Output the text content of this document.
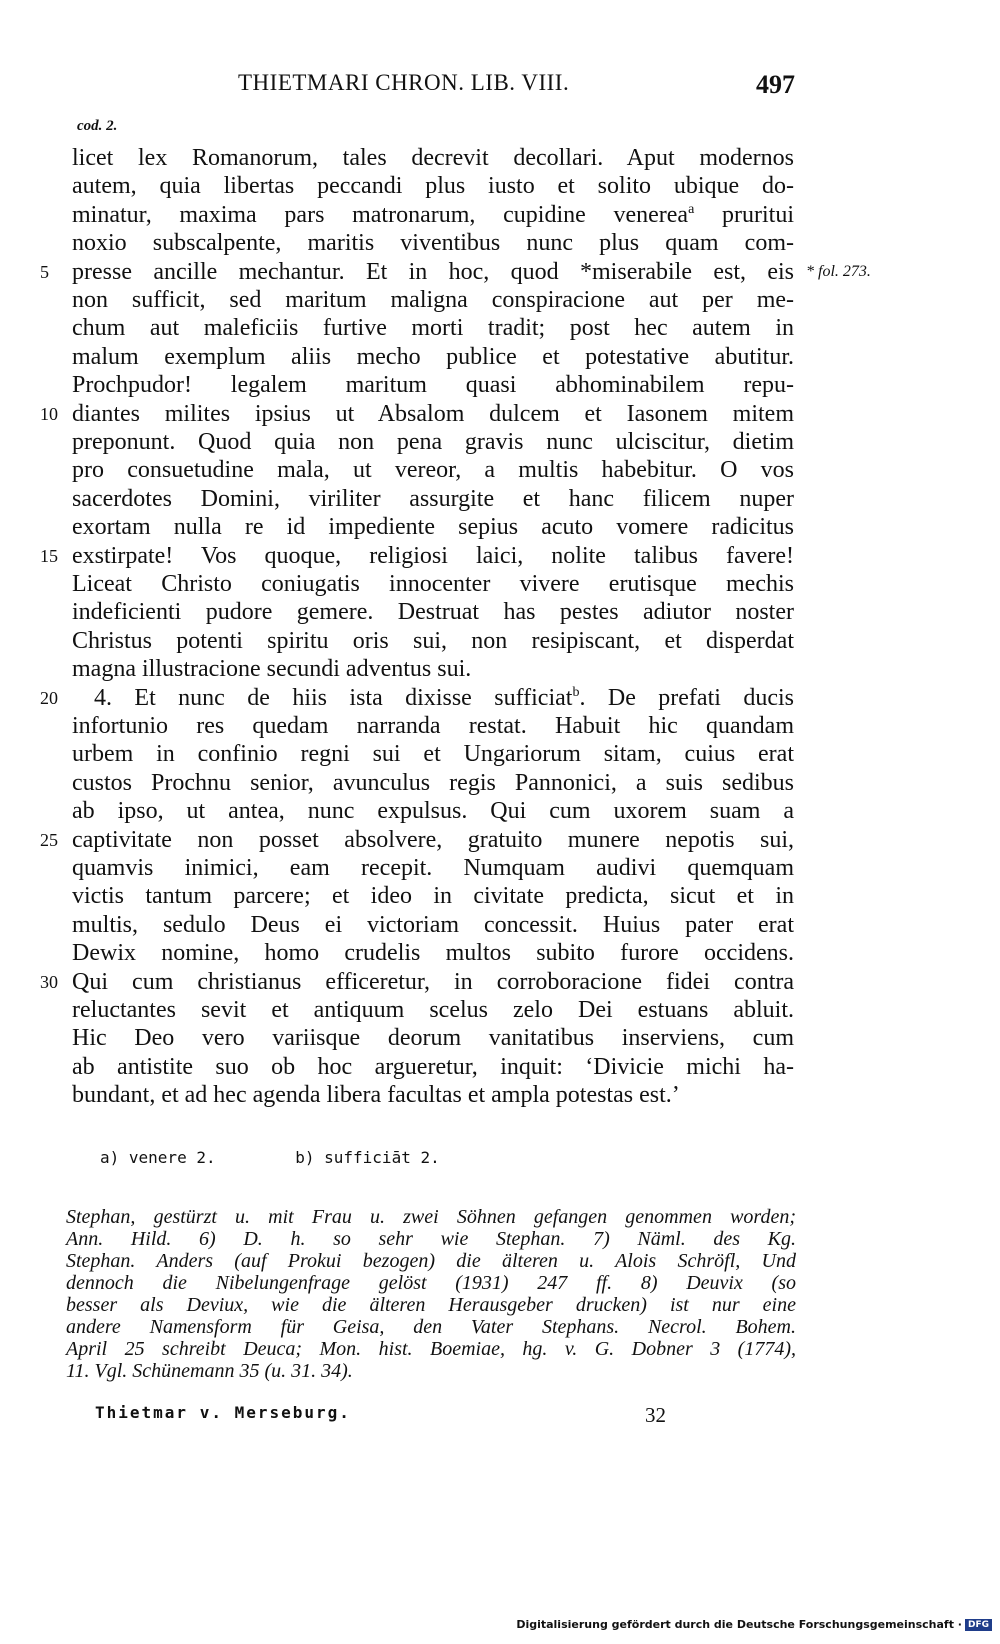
THIETMARI CHRON. LIB. VIII.	497
cod. 2.
licet lex Romanorum, tales decrevit decollari. Aput modernos
autem, quia libertas peccandi plus iusto et solito ubique do-
minatur, maxima pars matronarum, cupidine venerea$^a$ pruritui
noxio subscalpente, maritis viventibus nunc plus quam com-
presse ancille mechantur. Et in hoc, quod *miserabile est, eis
5	* fol. 273.
non sufficit, sed maritum maligna conspiracione aut per me-
chum aut maleficiis furtive morti tradit; post hec autem in
malum exemplum aliis mecho publice et potestative abutitur.
Prochpudor! legalem maritum quasi abhominabilem repu-
diantes milites ipsius ut Absalom dulcem et Iasonem mitem
10
preponunt. Quod quia non pena gravis nunc ulciscitur, dietim
pro consuetudine mala, ut vereor, a multis habebitur. O vos
sacerdotes Domini, viriliter assurgite et hanc filicem nuper
exortam nulla re id impediente sepius acuto vomere radicitus
exstirpate! Vos quoque, religiosi laici, nolite talibus favere!
15
Liceat Christo coniugatis innocenter vivere erutisque mechis
indeficienti pudore gemere. Destruat has pestes adiutor noster
Christus potenti spiritu oris sui, non resipiscant, et disperdat
magna illustracione secundi adventus sui.
4. Et nunc de hiis ista dixisse sufficiat$^b$. De prefati ducis
20
infortunio res quedam narranda restat. Habuit hic quandam
urbem in confinio regni sui et Ungariorum sitam, cuius erat
custos Prochnu senior, avunculus regis Pannonici, a suis sedibus
ab ipso, ut antea, nunc expulsus. Qui cum uxorem suam a
captivitate non posset absolvere, gratuito munere nepotis sui,
25
quamvis inimici, eam recepit. Numquam audivi quemquam
victis tantum parcere; et ideo in civitate predicta, sicut et in
multis, sedulo Deus ei victoriam concessit. Huius pater erat
Dewix nomine, homo crudelis multos subito furore occidens.
Qui cum christianus efficeretur, in corroboracione fidei contra
30
reluctantes sevit et antiquum scelus zelo Dei estuans abluit.
Hic Deo vero variisque deorum vanitatibus inserviens, cum
ab antistite suo ob hoc argueretur, inquit: ‘Divicie michi ha-
bundant, et ad hec agenda libera facultas et ampla potestas est.’
a) venere 2.	b) sufficiāt 2.
Stephan, gestürzt u. mit Frau u. zwei Söhnen gefangen genommen worden;
Ann. Hild. 6) D. h. so sehr wie Stephan. 7) Näml. des Kg.
Stephan. Anders (auf Prokui bezogen) die älteren u. Alois Schröfl, Und
dennoch die Nibelungenfrage gelöst (1931) 247 ff. 8) Deuvix (so
besser als Deviux, wie die älteren Herausgeber drucken) ist nur eine
andere Namensform für Geisa, den Vater Stephans. Necrol. Bohem.
April 25 schreibt Deuca; Mon. hist. Boemiae, hg. v. G. Dobner 3 (1774),
11. Vgl. Schünemann 35 (u. 31. 34).
Thietmar v. Merseburg.	32
Digitalisierung gefördert durch die Deutsche Forschungsgemeinschaft · DFG
